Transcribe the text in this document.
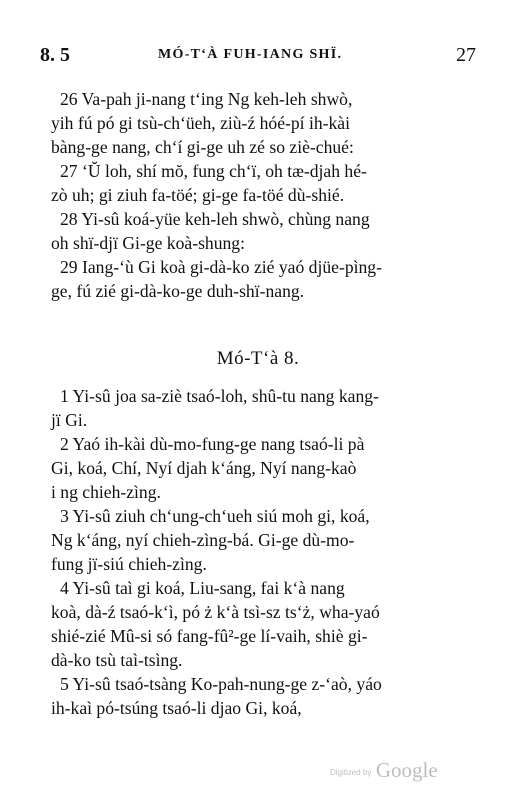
8. 5	MÓ-T‘À FUH-IANG SHÏ.	27
26 Va-pah ji-nang t‘ing Ng keh-leh shwò,
yih fú pó gi tsù-ch‘üeh, ziù-ź hóé-pí ih-kài
bàng-ge nang, ch‘í gi-ge uh zé so ziè-chué:
27 ‘Ŭ loh, shí mŏ, fung ch‘ï, oh tæ-djah hé-
zò uh; gi ziuh fa-töé; gi-ge fa-töé dù-shié.
28 Yi-sû koá-yüe keh-leh shwò, chùng nang
oh shï-djï Gi-ge koà-shung:
29 Iang-‘ù Gi koà gi-dà-ko zié yaó djüe-pìng-
ge, fú zié gi-dà-ko-ge duh-shï-nang.
Mó-T‘à 8.
1 Yi-sû joa sa-ziè tsaó-loh, shû-tu nang kang-
jï Gi.
2 Yaó ih-kài dù-mo-fung-ge nang tsaó-li pà
Gi, koá, Chí, Nyí djah k‘áng, Nyí nang-kaò
i ng chieh-zìng.
3 Yi-sû ziuh ch‘ung-ch‘ueh siú moh gi, koá,
Ng k‘áng, nyí chieh-zìng-bá. Gi-ge dù-mo-
fung jï-siú chieh-zìng.
4 Yi-sû taì gi koá, Liu-sang, fai k‘à nang
koà, dà-ź tsaó-k‘ì, pó ż k‘à tsì-sz ts‘ż, wha-yaó
shié-zié Mû-si só fang-fû²-ge lí-vaih, shiè gi-
dà-ko tsù taì-tsìng.
5 Yi-sû tsaó-tsàng Ko-pah-nung-ge z-‘aò, yáo
ih-kaì pó-tsúng tsaó-li djao Gi, koá,
Digitized by Google
